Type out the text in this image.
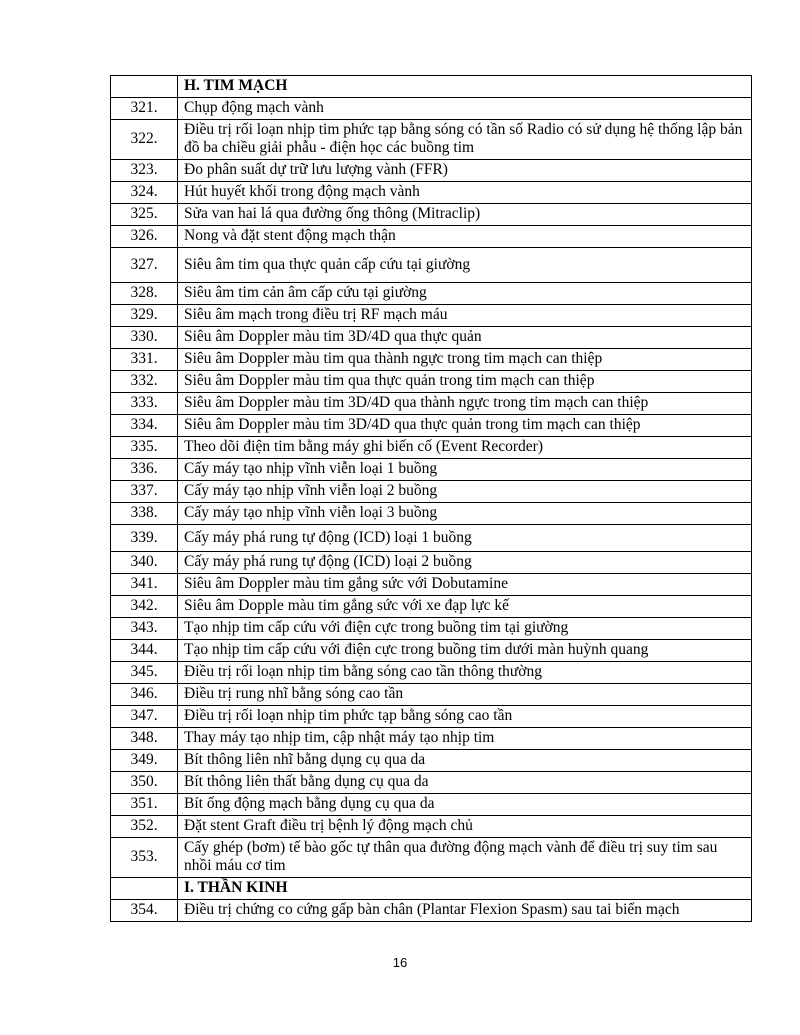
	H. TIM MẠCH
321.	Chụp động mạch vành
322.	Điều trị rối loạn nhịp tim phức tạp bằng sóng có tần số Radio có sử dụng hệ thống lập bản đồ ba chiều giải phẫu - điện học các buồng tim
323.	Đo phân suất dự trữ lưu lượng vành (FFR)
324.	Hút huyết khối trong động mạch vành
325.	Sửa van hai lá qua đường ống thông (Mitraclip)
326.	Nong và đặt stent động mạch thận
327.	Siêu âm tim qua thực quản cấp cứu tại giường
328.	Siêu âm tim cản âm cấp cứu tại giường
329.	Siêu âm mạch trong điều trị RF mạch máu
330.	Siêu âm Doppler màu tim 3D/4D qua thực quản
331.	Siêu âm Doppler màu tim qua thành ngực trong tim mạch can thiệp
332.	Siêu âm Doppler màu tim qua thực quản trong tim mạch can thiệp
333.	Siêu âm Doppler màu tim 3D/4D qua thành ngực trong tim mạch can thiệp
334.	Siêu âm Doppler màu tim 3D/4D qua thực quản trong tim mạch can thiệp
335.	Theo dõi điện tim bằng máy ghi biến cố (Event Recorder)
336.	Cấy máy tạo nhịp vĩnh viễn loại 1 buồng
337.	Cấy máy tạo nhịp vĩnh viễn loại 2 buồng
338.	Cấy máy tạo nhịp vĩnh viễn loại 3 buồng
339.	Cấy máy phá rung tự động (ICD) loại 1 buồng
340.	Cấy máy phá rung tự động (ICD) loại 2 buồng
341.	Siêu âm Doppler màu tim gắng sức với Dobutamine
342.	Siêu âm Dopple màu tim gắng sức với xe đạp lực kế
343.	Tạo nhịp tim cấp cứu với điện cực trong buồng tim tại giường
344.	Tạo nhịp tim cấp cứu với điện cực trong buồng tim dưới màn huỳnh quang
345.	Điều trị rối loạn nhịp tim bằng sóng cao tần thông thường
346.	Điều trị rung nhĩ bằng sóng cao tần
347.	Điều trị rối loạn nhịp tim phức tạp bằng sóng cao tần
348.	Thay máy tạo nhịp tim, cập nhật máy tạo nhịp tim
349.	Bít thông liên nhĩ bằng dụng cụ qua da
350.	Bít thông liên thất bằng dụng cụ qua da
351.	Bít ống động mạch bằng dụng cụ qua da
352.	Đặt stent Graft điều trị bệnh lý động mạch chủ
353.	Cấy ghép (bơm) tế bào gốc tự thân qua đường động mạch vành để điều trị suy tim sau nhồi máu cơ tim
	I. THẦN KINH
354.	Điều trị chứng co cứng gấp bàn chân (Plantar Flexion Spasm) sau tai biến mạch
16
